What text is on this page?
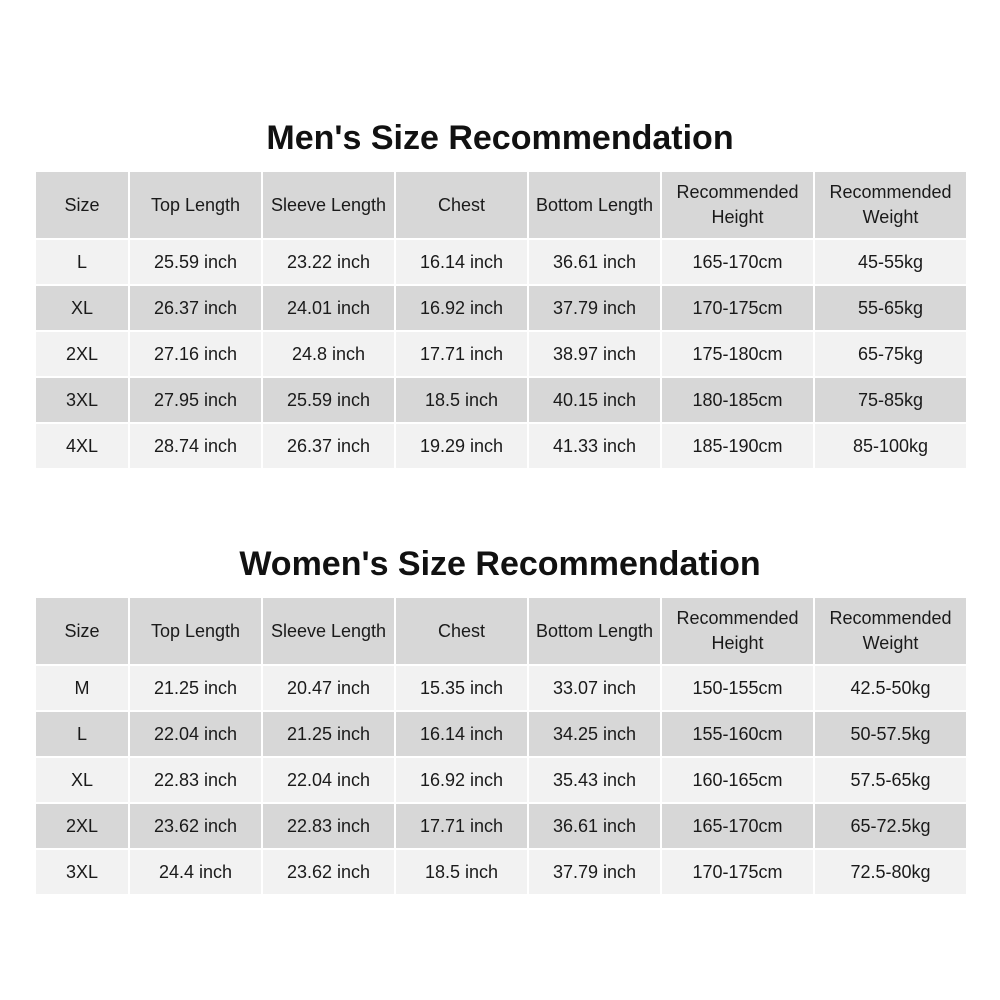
Men's Size Recommendation
Size	Top Length	Sleeve Length	Chest	Bottom Length	Recommended Height	Recommended Weight
L	25.59 inch	23.22 inch	16.14 inch	36.61 inch	165-170cm	45-55kg
XL	26.37 inch	24.01 inch	16.92 inch	37.79 inch	170-175cm	55-65kg
2XL	27.16 inch	24.8 inch	17.71 inch	38.97 inch	175-180cm	65-75kg
3XL	27.95 inch	25.59 inch	18.5 inch	40.15 inch	180-185cm	75-85kg
4XL	28.74 inch	26.37 inch	19.29 inch	41.33 inch	185-190cm	85-100kg
Women's Size Recommendation
Size	Top Length	Sleeve Length	Chest	Bottom Length	Recommended Height	Recommended Weight
M	21.25 inch	20.47 inch	15.35 inch	33.07 inch	150-155cm	42.5-50kg
L	22.04 inch	21.25 inch	16.14 inch	34.25 inch	155-160cm	50-57.5kg
XL	22.83 inch	22.04 inch	16.92 inch	35.43 inch	160-165cm	57.5-65kg
2XL	23.62 inch	22.83 inch	17.71 inch	36.61 inch	165-170cm	65-72.5kg
3XL	24.4 inch	23.62 inch	18.5 inch	37.79 inch	170-175cm	72.5-80kg
